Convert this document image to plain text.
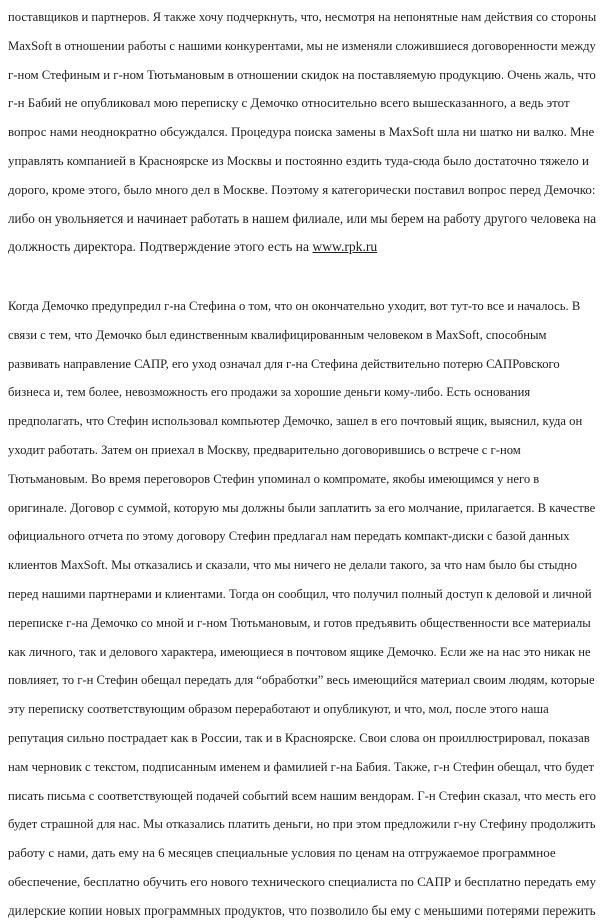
поставщиков и партнеров. Я также хочу подчеркнуть, что, несмотря на непонятные нам действия со стороны
MaxSoft в отношении работы с нашими конкурентами, мы не изменяли сложившиеся договоренности между
г-ном Стефиным и г-ном Тютьмановым в отношении скидок на поставляемую продукцию. Очень жаль, что
г-н Бабий не опубликовал мою переписку с Демочко относительно всего вышесказанного, а ведь этот
вопрос нами неоднократно обсуждался. Процедура поиска замены в MaxSoft шла ни шатко ни валко. Мне
управлять компанией в Красноярске из Москвы и постоянно ездить туда-сюда было достаточно тяжело и
дорого, кроме этого, было много дел в Москве. Поэтому я категорически поставил вопрос перед Демочко:
либо он увольняется и начинает работать в нашем филиале, или мы берем на работу другого человека на
должность директора. Подтверждение этого есть на www.rpk.ru
Когда Демочко предупредил г-на Стефина о том, что он окончательно уходит, вот тут-то все и началось. В
связи с тем, что Демочко был единственным квалифицированным человеком в MaxSoft, способным
развивать направление САПР, его уход означал для г-на Стефина действительно потерю САПРовского
бизнеса и, тем более, невозможность его продажи за хорошие деньги кому-либо. Есть основания
предполагать, что Стефин использовал компьютер Демочко, зашел в его почтовый ящик, выяснил, куда он
уходит работать. Затем он приехал в Москву, предварительно договорившись о встрече с г-ном
Тютьмановым. Во время переговоров Стефин упоминал о компромате, якобы имеющимся у него в
оригинале. Договор с суммой, которую мы должны были заплатить за его молчание, прилагается. В качестве
официального отчета по этому договору Стефин предлагал нам передать компакт-диски с базой данных
клиентов MaxSoft. Мы отказались и сказали, что мы ничего не делали такого, за что нам было бы стыдно
перед нашими партнерами и клиентами. Тогда он сообщил, что получил полный доступ к деловой и личной
переписке г-на Демочко со мной и г-ном Тютьмановым, и готов предъявить общественности все материалы
как личного, так и делового характера, имеющиеся в почтовом ящике Демочко. Если же на нас это никак не
повлияет, то г-н Стефин обещал передать для “обработки” весь имеющийся материал своим людям, которые
эту переписку соответствующим образом переработают и опубликуют, и что, мол, после этого наша
репутация сильно пострадает как в России, так и в Красноярске. Свои слова он проиллюстрировал, показав
нам черновик с текстом, подписанным именем и фамилией г-на Бабия. Также, г-н Стефин обещал, что будет
писать письма с соответствующей подачей событий всем нашим вендорам. Г-н Стефин сказал, что месть его
будет страшной для нас. Мы отказались платить деньги, но при этом предложили г-ну Стефину продолжить
работу с нами, дать ему на 6 месяцев специальные условия по ценам на отгружаемое программное
обеспечение, бесплатно обучить его нового технического специалиста по САПР и бесплатно передать ему
дилерские копии новых программных продуктов, что позволило бы ему с меньшими потерями пережить
